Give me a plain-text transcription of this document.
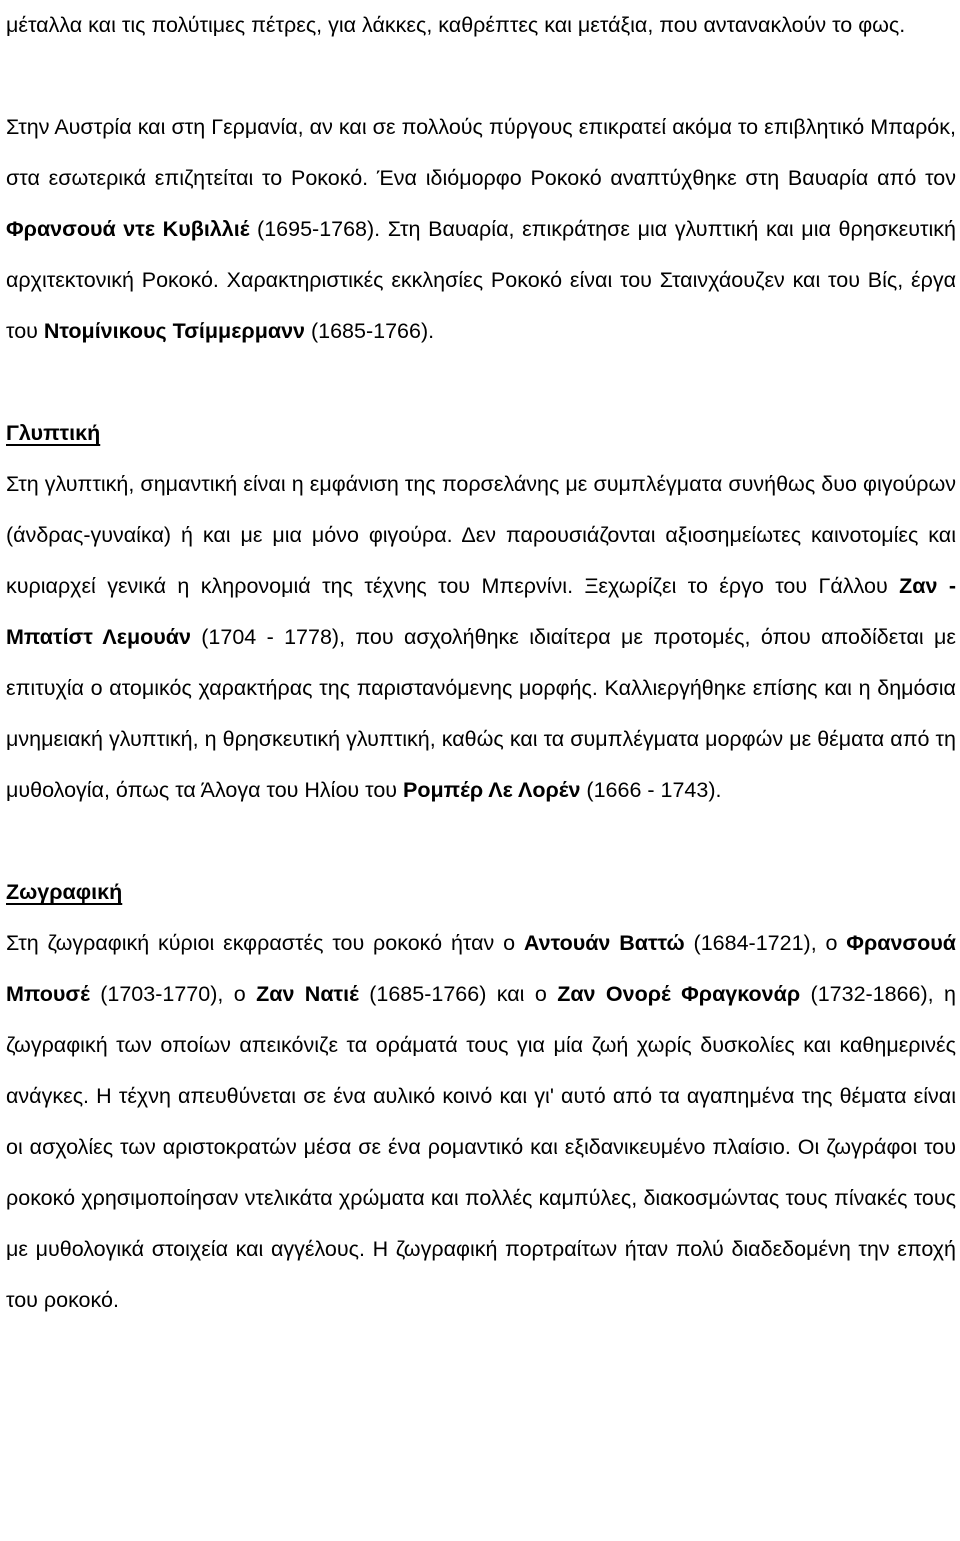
μέταλλα και τις πολύτιμες πέτρες, για λάκκες, καθρέπτες και μετάξια, που αντανακλούν το φως.

Στην Αυστρία και στη Γερμανία, αν και σε πολλούς πύργους επικρατεί ακόμα το επιβλητικό Μπαρόκ, στα εσωτερικά επιζητείται το Ροκοκό. Ένα ιδιόμορφο Ροκοκό αναπτύχθηκε στη Βαυαρία από τον Φρανσουά ντε Κυβιλλιέ (1695-1768). Στη Βαυαρία, επικράτησε μια γλυπτική και μια θρησκευτική αρχιτεκτονική Ροκοκό. Χαρακτηριστικές εκκλησίες Ροκοκό είναι του Σταινχάουζεν και του Βίς, έργα του Ντομίνικους Τσίμμερμανν (1685-1766).

Γλυπτική

Στη γλυπτική, σημαντική είναι η εμφάνιση της πορσελάνης με συμπλέγματα συνήθως δυο φιγούρων (άνδρας-γυναίκα) ή και με μια μόνο φιγούρα. Δεν παρουσιάζονται αξιοσημείωτες καινοτομίες και κυριαρχεί γενικά η κληρονομιά της τέχνης του Μπερνίνι. Ξεχωρίζει το έργο του Γάλλου Ζαν - Μπατίστ Λεμουάν (1704 - 1778), που ασχολήθηκε ιδιαίτερα με προτομές, όπου αποδίδεται με επιτυχία ο ατομικός χαρακτήρας της παριστανόμενης μορφής. Καλλιεργήθηκε επίσης και η δημόσια μνημειακή γλυπτική, η θρησκευτική γλυπτική, καθώς και τα συμπλέγματα μορφών με θέματα από τη μυθολογία, όπως τα Άλογα του Ηλίου του Ρομπέρ Λε Λορέν (1666 - 1743).

Ζωγραφική

Στη ζωγραφική κύριοι εκφραστές του ροκοκό ήταν ο Αντουάν Βαττώ (1684-1721), ο Φρανσουά Μπουσέ (1703-1770), ο Ζαν Νατιέ (1685-1766) και ο Ζαν Ονορέ Φραγκονάρ (1732-1866), η ζωγραφική των οποίων απεικόνιζε τα οράματά τους για μία ζωή χωρίς δυσκολίες και καθημερινές ανάγκες. Η τέχνη απευθύνεται σε ένα αυλικό κοινό και γι' αυτό από τα αγαπημένα της θέματα είναι οι ασχολίες των αριστοκρατών μέσα σε ένα ρομαντικό και εξιδανικευμένο πλαίσιο. Οι ζωγράφοι του ροκοκό χρησιμοποίησαν ντελικάτα χρώματα και πολλές καμπύλες, διακοσμώντας τους πίνακές τους με μυθολογικά στοιχεία και αγγέλους. Η ζωγραφική πορτραίτων ήταν πολύ διαδεδομένη την εποχή του ροκοκό.
